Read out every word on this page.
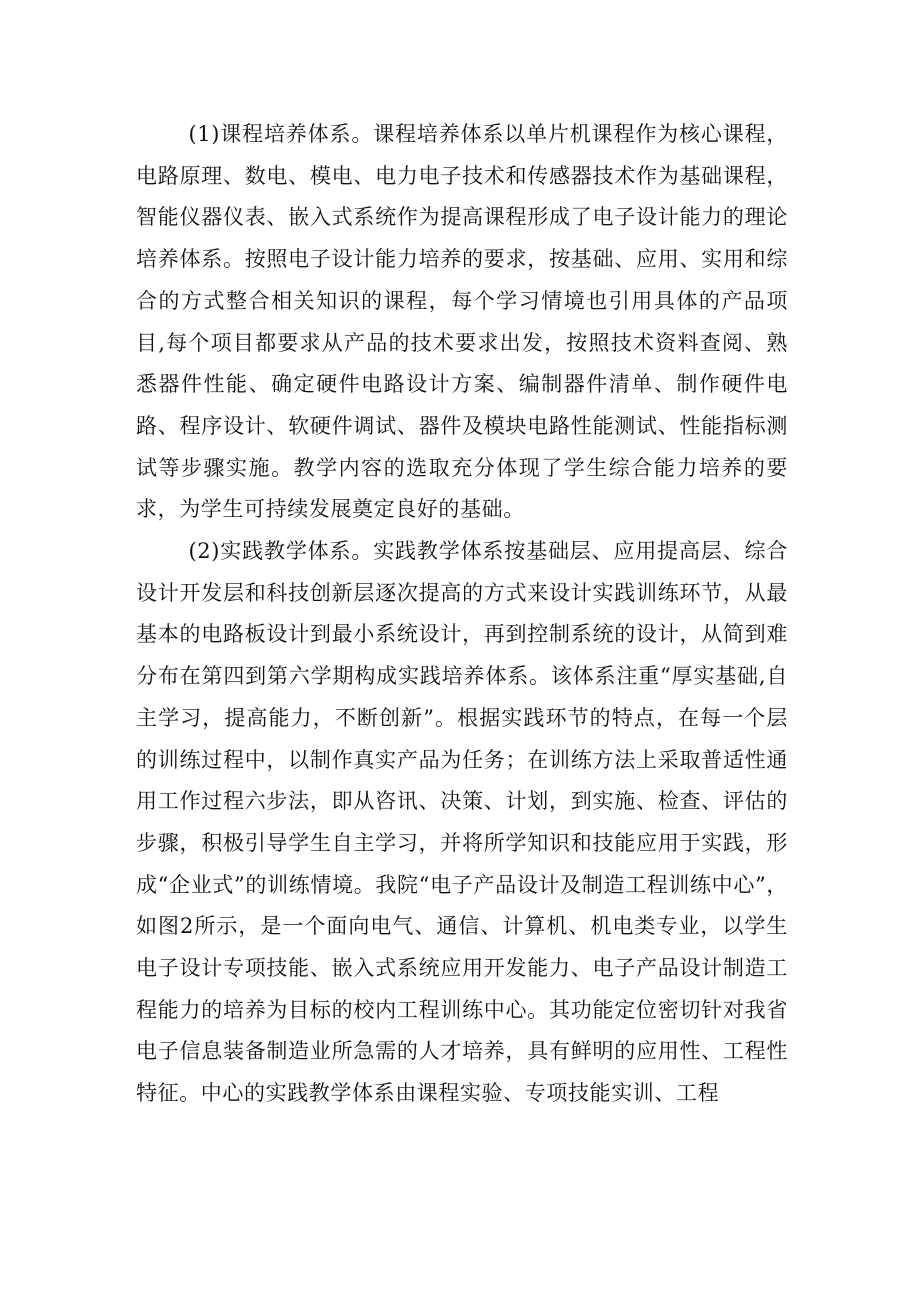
(1)课程培养体系。课程培养体系以单片机课程作为核心课程，电路原理、数电、模电、电力电子技术和传感器技术作为基础课程，智能仪器仪表、嵌入式系统作为提高课程形成了电子设计能力的理论培养体系。按照电子设计能力培养的要求，按基础、应用、实用和综合的方式整合相关知识的课程，每个学习情境也引用具体的产品项目,每个项目都要求从产品的技术要求出发，按照技术资料查阅、熟悉器件性能、确定硬件电路设计方案、编制器件清单、制作硬件电路、程序设计、软硬件调试、器件及模块电路性能测试、性能指标测试等步骤实施。教学内容的选取充分体现了学生综合能力培养的要求，为学生可持续发展奠定良好的基础。

(2)实践教学体系。实践教学体系按基础层、应用提高层、综合设计开发层和科技创新层逐次提高的方式来设计实践训练环节，从最基本的电路板设计到最小系统设计，再到控制系统的设计，从简到难分布在第四到第六学期构成实践培养体系。该体系注重“厚实基础,自主学习，提高能力，不断创新”。根据实践环节的特点，在每一个层的训练过程中，以制作真实产品为任务；在训练方法上采取普适性通用工作过程六步法，即从咨讯、决策、计划，到实施、检查、评估的步骤，积极引导学生自主学习，并将所学知识和技能应用于实践，形成“企业式”的训练情境。我院“电子产品设计及制造工程训练中心”，如图2所示，是一个面向电气、通信、计算机、机电类专业，以学生电子设计专项技能、嵌入式系统应用开发能力、电子产品设计制造工程能力的培养为目标的校内工程训练中心。其功能定位密切针对我省电子信息装备制造业所急需的人才培养，具有鲜明的应用性、工程性特征。中心的实践教学体系由课程实验、专项技能实训、工程
